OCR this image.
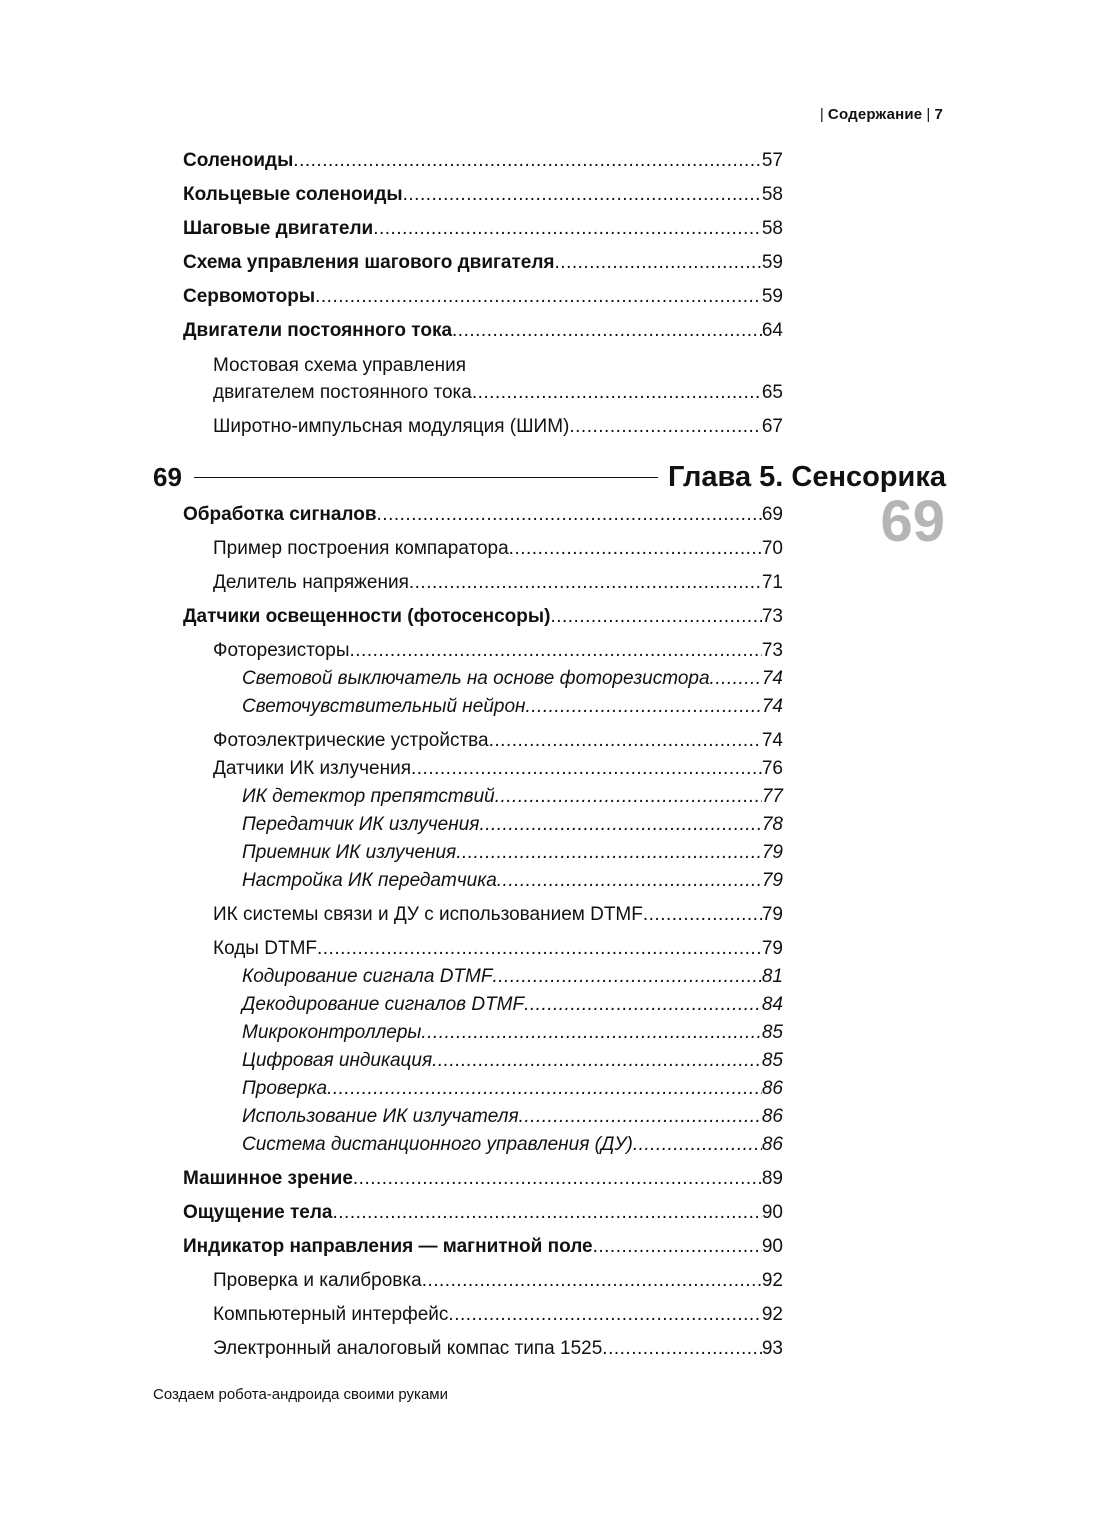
| Содержание | 7
Соленоиды .....	57
Кольцевые соленоиды .....	58
Шаговые двигатели .....	58
Схема управления шагового двигателя .....	59
Сервомоторы .....	59
Двигатели постоянного тока .....	64
Мостовая схема управления
двигателем постоянного тока .....	65
Широтно-импульсная модуляция (ШИМ) .....	67
69	Глава 5. Сенсорика
69
Обработка сигналов .....	69
Пример построения компаратора .....	70
Делитель напряжения .....	71
Датчики освещенности (фотосенсоры) .....	73
Фоторезисторы .....	73
Световой выключатель на основе фоторезистора .....	74
Светочувствительный нейрон .....	74
Фотоэлектрические устройства .....	74
Датчики ИК излучения .....	76
ИК детектор препятствий .....	77
Передатчик ИК излучения .....	78
Приемник ИК излучения .....	79
Настройка ИК передатчика .....	79
ИК системы связи и ДУ с использованием DTMF .....	79
Коды DTMF .....	79
Кодирование сигнала DTMF .....	81
Декодирование сигналов DTMF .....	84
Микроконтроллеры .....	85
Цифровая индикация .....	85
Проверка .....	86
Использование ИК излучателя .....	86
Система дистанционного управления (ДУ) .....	86
Машинное зрение .....	89
Ощущение тела .....	90
Индикатор направления — магнитной поле .....	90
Проверка и калибровка .....	92
Компьютерный интерфейс .....	92
Электронный аналоговый компас типа 1525 .....	93
Создаем робота-андроида своими руками
